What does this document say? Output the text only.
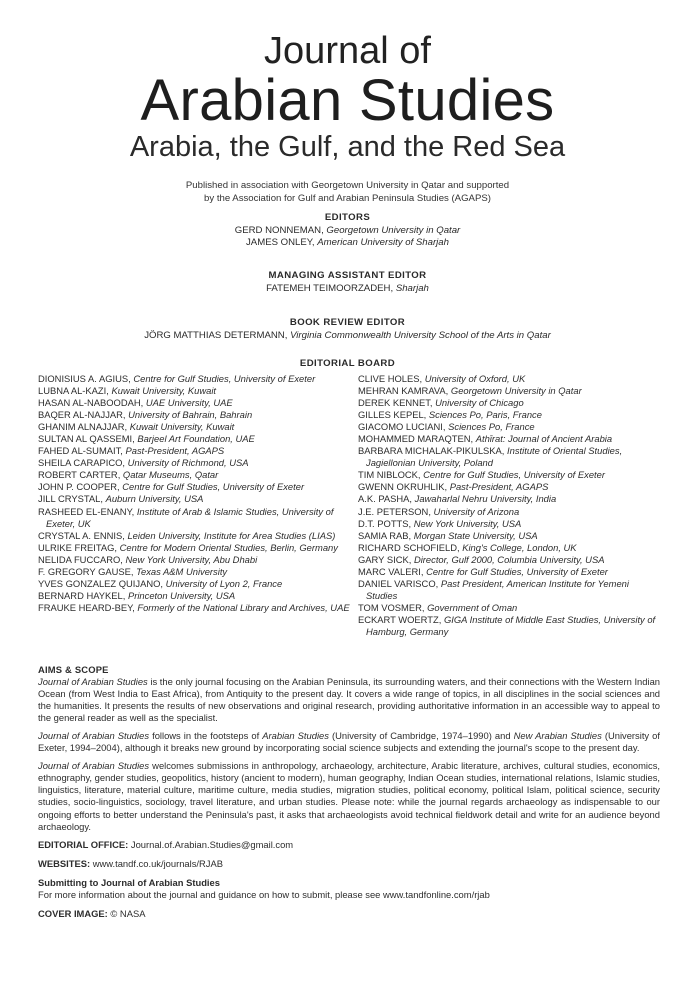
Journal of
Arabian Studies
Arabia, the Gulf, and the Red Sea
Published in association with Georgetown University in Qatar and supported
by the Association for Gulf and Arabian Peninsula Studies (AGAPS)
EDITORS
GERD NONNEMAN, Georgetown University in Qatar
JAMES ONLEY, American University of Sharjah
MANAGING ASSISTANT EDITOR
FATEMEH TEIMOORZADEH, Sharjah
BOOK REVIEW EDITOR
JÖRG MATTHIAS DETERMANN, Virginia Commonwealth University School of the Arts in Qatar
EDITORIAL BOARD
DIONISIUS A. AGIUS, Centre for Gulf Studies, University of Exeter
LUBNA AL-KAZI, Kuwait University, Kuwait
HASAN AL-NABOODAH, UAE University, UAE
BAQER AL-NAJJAR, University of Bahrain, Bahrain
GHANIM ALNAJJAR, Kuwait University, Kuwait
SULTAN AL QASSEMI, Barjeel Art Foundation, UAE
FAHED AL-SUMAIT, Past-President, AGAPS
SHEILA CARAPICO, University of Richmond, USA
ROBERT CARTER, Qatar Museums, Qatar
JOHN P. COOPER, Centre for Gulf Studies, University of Exeter
JILL CRYSTAL, Auburn University, USA
RASHEED EL-ENANY, Institute of Arab & Islamic Studies, University of Exeter, UK
CRYSTAL A. ENNIS, Leiden University, Institute for Area Studies (LIAS)
ULRIKE FREITAG, Centre for Modern Oriental Studies, Berlin, Germany
NELIDA FUCCARO, New York University, Abu Dhabi
F. GREGORY GAUSE, Texas A&M University
YVES GONZALEZ QUIJANO, University of Lyon 2, France
BERNARD HAYKEL, Princeton University, USA
FRAUKE HEARD-BEY, Formerly of the National Library and Archives, UAE
CLIVE HOLES, University of Oxford, UK
MEHRAN KAMRAVA, Georgetown University in Qatar
DEREK KENNET, University of Chicago
GILLES KEPEL, Sciences Po, Paris, France
GIACOMO LUCIANI, Sciences Po, France
MOHAMMED MARAQTEN, Athīrat: Journal of Ancient Arabia
BARBARA MICHALAK-PIKULSKA, Institute of Oriental Studies, Jagiellonian University, Poland
TIM NIBLOCK, Centre for Gulf Studies, University of Exeter
GWENN OKRUHLIK, Past-President, AGAPS
A.K. PASHA, Jawaharlal Nehru University, India
J.E. PETERSON, University of Arizona
D.T. POTTS, New York University, USA
SAMIA RAB, Morgan State University, USA
RICHARD SCHOFIELD, King's College, London, UK
GARY SICK, Director, Gulf 2000, Columbia University, USA
MARC VALERI, Centre for Gulf Studies, University of Exeter
DANIEL VARISCO, Past President, American Institute for Yemeni Studies
TOM VOSMER, Government of Oman
ECKART WOERTZ, GIGA Institute of Middle East Studies, University of Hamburg, Germany
AIMS & SCOPE

Journal of Arabian Studies is the only journal focusing on the Arabian Peninsula, its surrounding waters, and their connections with the Western Indian Ocean (from West India to East Africa), from Antiquity to the present day. It covers a wide range of topics, in all disciplines in the social sciences and the humanities. It presents the results of new observations and original research, providing authoritative information in an accessible way to appeal to the general reader as well as the specialist.

Journal of Arabian Studies follows in the footsteps of Arabian Studies (University of Cambridge, 1974–1990) and New Arabian Studies (University of Exeter, 1994–2004), although it breaks new ground by incorporating social science subjects and extending the journal's scope to the present day.

Journal of Arabian Studies welcomes submissions in anthropology, archaeology, architecture, Arabic literature, archives, cultural studies, economics, ethnography, gender studies, geopolitics, history (ancient to modern), human geography, Indian Ocean studies, international relations, Islamic studies, linguistics, literature, material culture, maritime culture, media studies, migration studies, political economy, political Islam, political science, security studies, socio-linguistics, sociology, travel literature, and urban studies. Please note: while the journal regards archaeology as indispensable to our ongoing efforts to better understand the Peninsula's past, it asks that archaeologists avoid technical fieldwork detail and write for an audience beyond archaeology.

EDITORIAL OFFICE: Journal.of.Arabian.Studies@gmail.com
WEBSITES: www.tandf.co.uk/journals/RJAB
Submitting to Journal of Arabian Studies
For more information about the journal and guidance on how to submit, please see www.tandfonline.com/rjab
COVER IMAGE: © NASA
